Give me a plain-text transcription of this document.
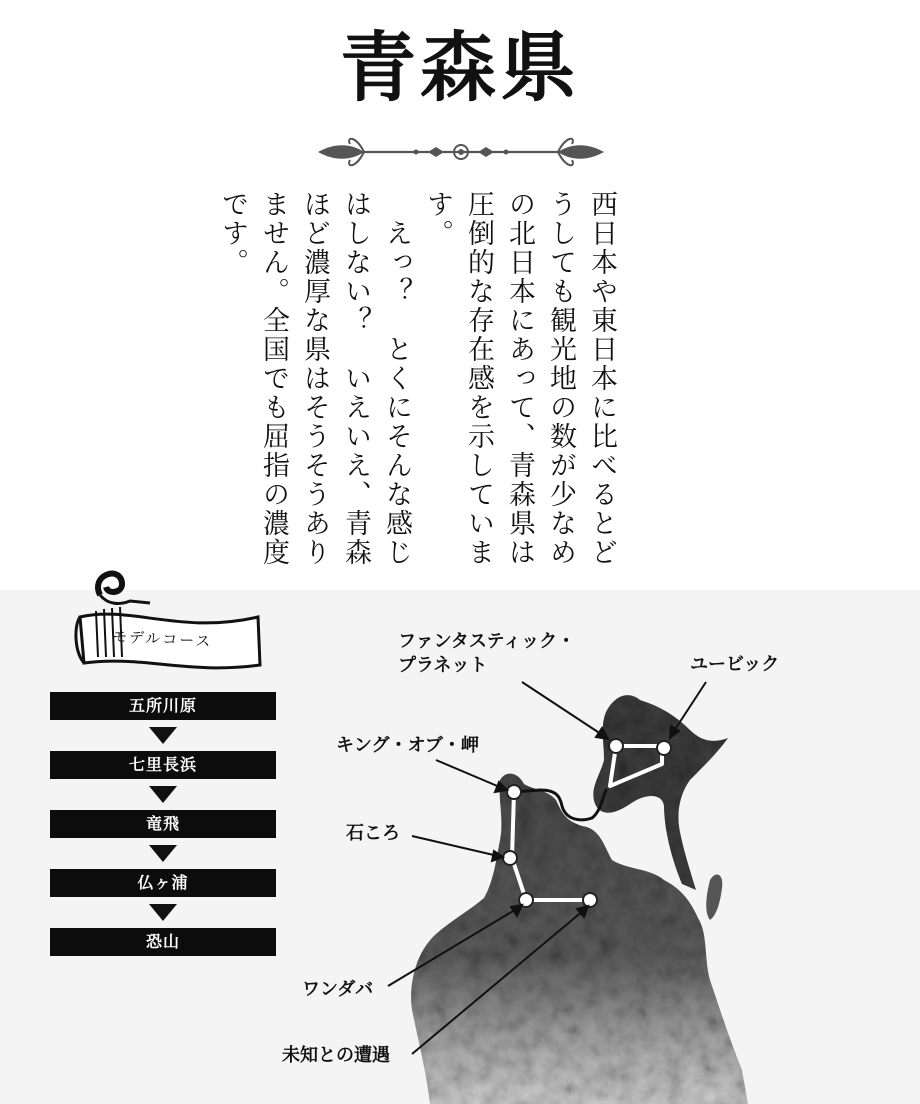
青森県

西日本や東日本に比べるとどうしても観光地の数が少なめの北日本にあって、青森県は圧倒的な存在感を示しています。

　えっ？　とくにそんな感じはしない？　いえいえ、青森ほど濃厚な県はそうそうありません。全国でも屈指の濃度です。

モデルコース
五所川原
七里長浜
竜飛
仏ヶ浦
恐山
ファンタスティック・
プラネット	ユービック
キング・オブ・岬
石ころ
ワンダバ
未知との遭遇
